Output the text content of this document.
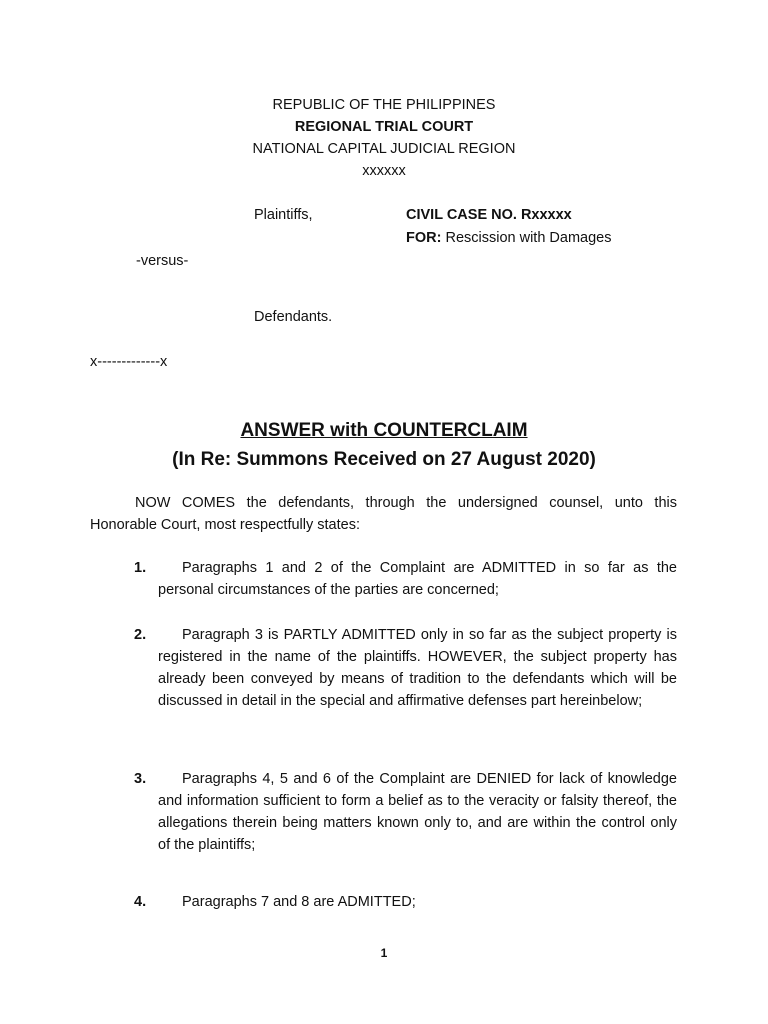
REPUBLIC OF THE PHILIPPINES
REGIONAL TRIAL COURT
NATIONAL CAPITAL JUDICIAL REGION
xxxxxx
Plaintiffs,	CIVIL CASE NO. Rxxxxx
FOR: Rescission with Damages
-versus-
Defendants.
x-------------x
ANSWER with COUNTERCLAIM
(In Re: Summons Received on 27 August 2020)
NOW COMES the defendants, through the undersigned counsel, unto this Honorable Court, most respectfully states:
1.	Paragraphs 1 and 2 of the Complaint are ADMITTED in so far as the personal circumstances of the parties are concerned;
2.	Paragraph 3 is PARTLY ADMITTED only in so far as the subject property is registered in the name of the plaintiffs. HOWEVER, the subject property has already been conveyed by means of tradition to the defendants which will be discussed in detail in the special and affirmative defenses part hereinbelow;
3.	Paragraphs 4, 5 and 6 of the Complaint are DENIED for lack of knowledge and information sufficient to form a belief as to the veracity or falsity thereof, the allegations therein being matters known only to, and are within the control only of the plaintiffs;
4.	Paragraphs 7 and 8 are ADMITTED;
1
